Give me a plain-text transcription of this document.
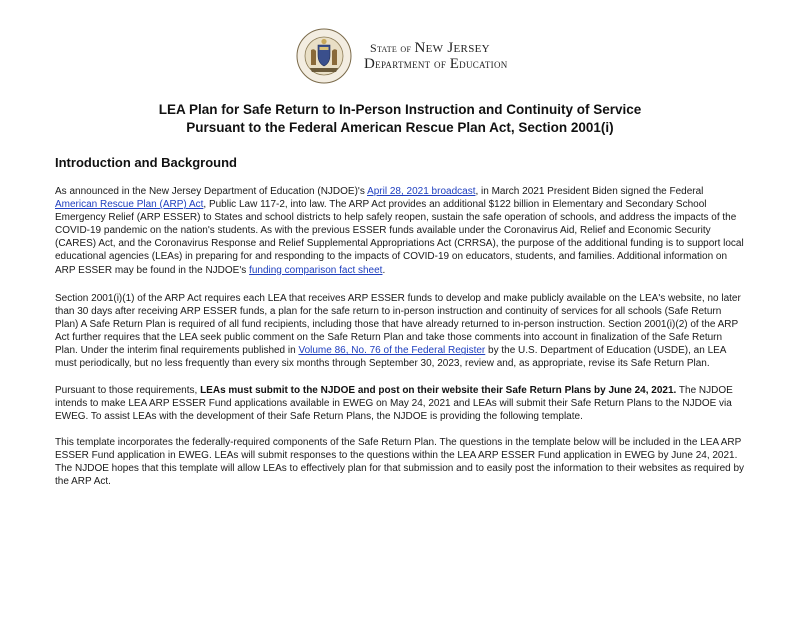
State of New Jersey
Department of Education
LEA Plan for Safe Return to In-Person Instruction and Continuity of Service
Pursuant to the Federal American Rescue Plan Act, Section 2001(i)
Introduction and Background

As announced in the New Jersey Department of Education (NJDOE)'s April 28, 2021 broadcast, in March 2021 President Biden signed the Federal American Rescue Plan (ARP) Act, Public Law 117-2, into law. The ARP Act provides an additional $122 billion in Elementary and Secondary School Emergency Relief (ARP ESSER) to States and school districts to help safely reopen, sustain the safe operation of schools, and address the impacts of the COVID-19 pandemic on the nation's students. As with the previous ESSER funds available under the Coronavirus Aid, Relief and Economic Security (CARES) Act, and the Coronavirus Response and Relief Supplemental Appropriations Act (CRRSA), the purpose of the additional funding is to support local educational agencies (LEAs) in preparing for and responding to the impacts of COVID-19 on educators, students, and families. Additional information on ARP ESSER may be found in the NJDOE's funding comparison fact sheet.

Section 2001(i)(1) of the ARP Act requires each LEA that receives ARP ESSER funds to develop and make publicly available on the LEA's website, no later than 30 days after receiving ARP ESSER funds, a plan for the safe return to in-person instruction and continuity of services for all schools (Safe Return Plan) A Safe Return Plan is required of all fund recipients, including those that have already returned to in-person instruction. Section 2001(i)(2) of the ARP Act further requires that the LEA seek public comment on the Safe Return Plan and take those comments into account in finalization of the Safe Return Plan. Under the interim final requirements published in Volume 86, No. 76 of the Federal Register by the U.S. Department of Education (USDE), an LEA must periodically, but no less frequently than every six months through September 30, 2023, review and, as appropriate, revise its Safe Return Plan.

Pursuant to those requirements, LEAs must submit to the NJDOE and post on their website their Safe Return Plans by June 24, 2021. The NJDOE intends to make LEA ARP ESSER Fund applications available in EWEG on May 24, 2021 and LEAs will submit their Safe Return Plans to the NJDOE via EWEG. To assist LEAs with the development of their Safe Return Plans, the NJDOE is providing the following template.

This template incorporates the federally-required components of the Safe Return Plan. The questions in the template below will be included in the LEA ARP ESSER Fund application in EWEG. LEAs will submit responses to the questions within the LEA ARP ESSER Fund application in EWEG by June 24, 2021. The NJDOE hopes that this template will allow LEAs to effectively plan for that submission and to easily post the information to their websites as required by the ARP Act.
